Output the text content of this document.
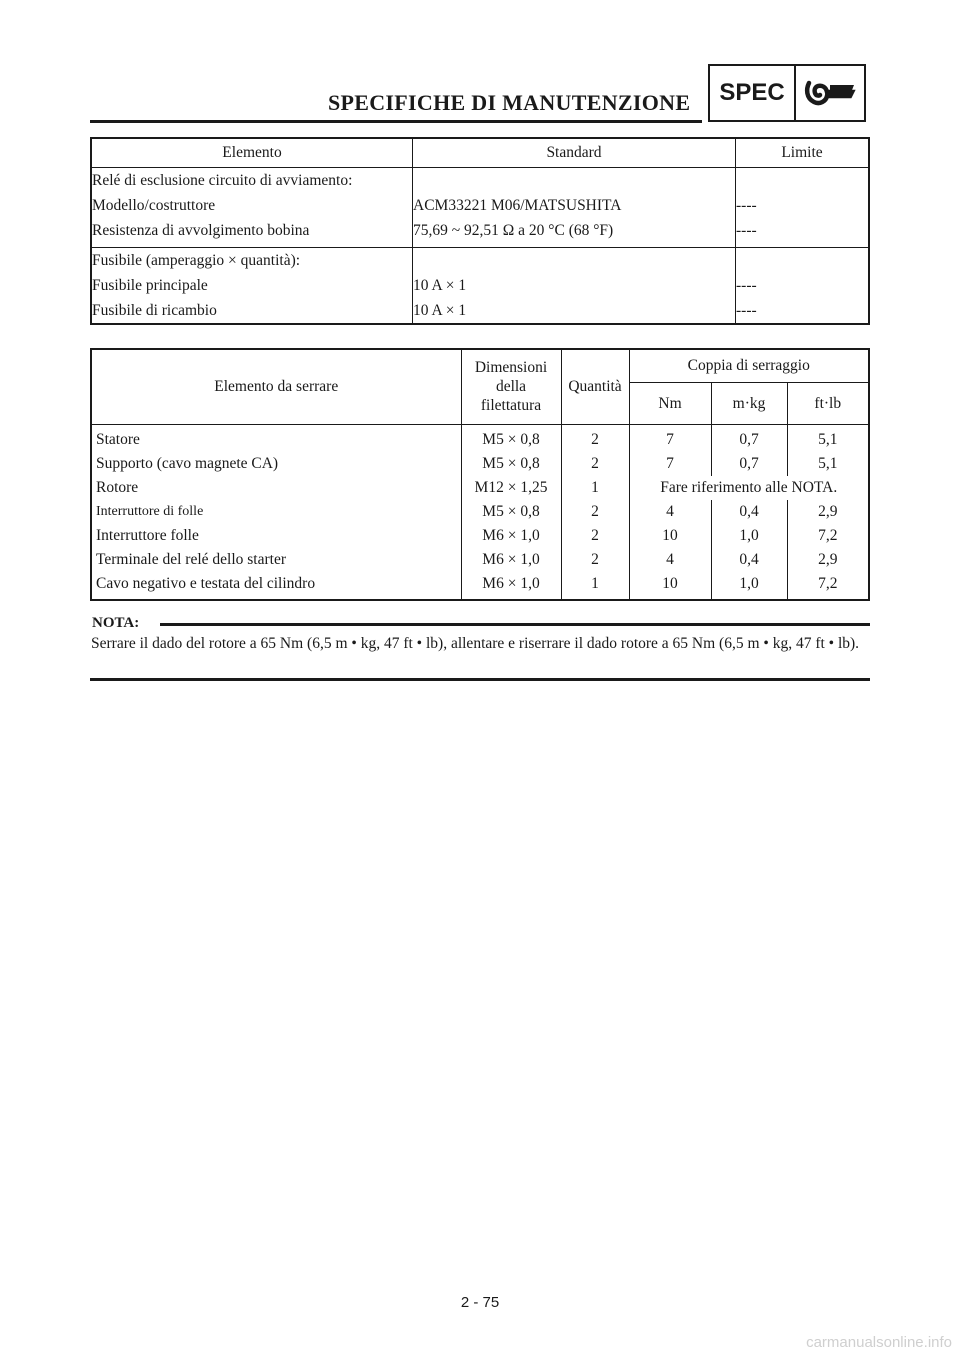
SPECIFICHE DI MANUTENZIONE	SPEC
Elemento	Standard	Limite
Relé di esclusione circuito di avviamento:		
Modello/costruttore	ACM33221 M06/MATSUSHITA	----
Resistenza di avvolgimento bobina	75,69 ~ 92,51 Ω a 20 °C (68 °F)	----
Fusibile (amperaggio × quantità):		
Fusibile principale	10 A × 1	----
Fusibile di ricambio	10 A × 1	----
Elemento da serrare	Dimensioni
della
filettatura	Quantità	Coppia di serraggio		
			Nm	m·kg	ft·lb
Statore	M5 × 0,8	2	7	0,7	5,1
Supporto (cavo magnete CA)	M5 × 0,8	2	7	0,7	5,1
Rotore	M12 × 1,25	1	Fare riferimento alle NOTA.		
Interruttore di folle	M5 × 0,8	2	4	0,4	2,9
Interruttore folle	M6 × 1,0	2	10	1,0	7,2
Terminale del relé dello starter	M6 × 1,0	2	4	0,4	2,9
Cavo negativo e testata del cilindro	M6 × 1,0	1	10	1,0	7,2
NOTA:
Serrare il dado del rotore a 65 Nm (6,5 m • kg, 47 ft • lb), allentare e riserrare il dado rotore a 65 Nm (6,5 m • kg, 47 ft • lb).
2 - 75
carmanualsonline.info
